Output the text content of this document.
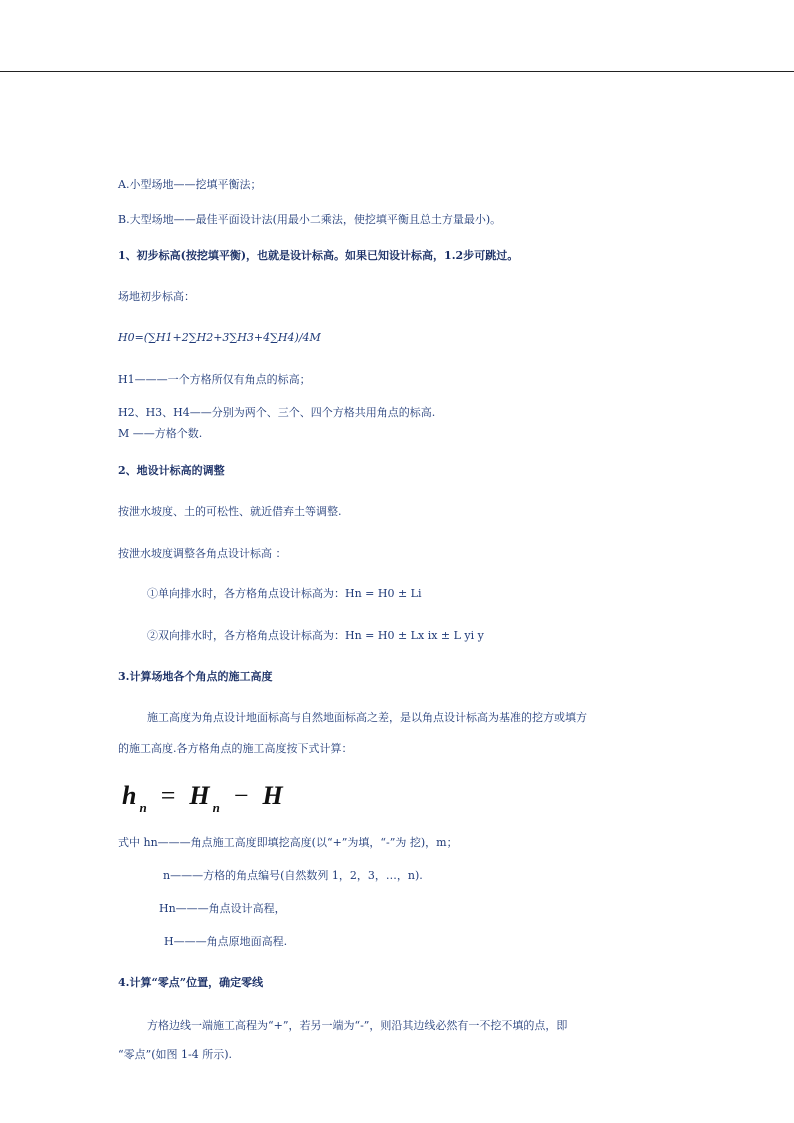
A.小型场地——挖填平衡法；
B.大型场地——最佳平面设计法(用最小二乘法，使挖填平衡且总土方量最小)。
1、初步标高(按挖填平衡)，也就是设计标高。如果已知设计标高，1.2步可跳过。
场地初步标高：
H0=(∑H1+2∑H2+3∑H3+4∑H4)/4M
H1———一个方格所仅有角点的标高；
H2、H3、H4——分别为两个、三个、四个方格共用角点的标高.
M ——方格个数.
2、地设计标高的调整
按泄水坡度、土的可松性、就近借弃土等调整.
按泄水坡度调整各角点设计标高 ：
①单向排水时，各方格角点设计标高为：Hn = H0 ± Li
②双向排水时，各方格角点设计标高为：Hn = H0 ± Lx ix ± L yi y
3.计算场地各个角点的施工高度
施工高度为角点设计地面标高与自然地面标高之差，是以角点设计标高为基准的挖方或填方
的施工高度.各方格角点的施工高度按下式计算：
h $_n$ = H $_n$ − H
式中 hn———角点施工高度即填挖高度(以“+”为填，“-”为 挖)，m；
n———方格的角点编号(自然数列 1，2，3，…，n).
Hn———角点设计高程，
H———角点原地面高程.
4.计算“零点”位置，确定零线
方格边线一端施工高程为“+”，若另一端为“-”，则沿其边线必然有一不挖不填的点，即
“零点”(如图 1-4 所示).
